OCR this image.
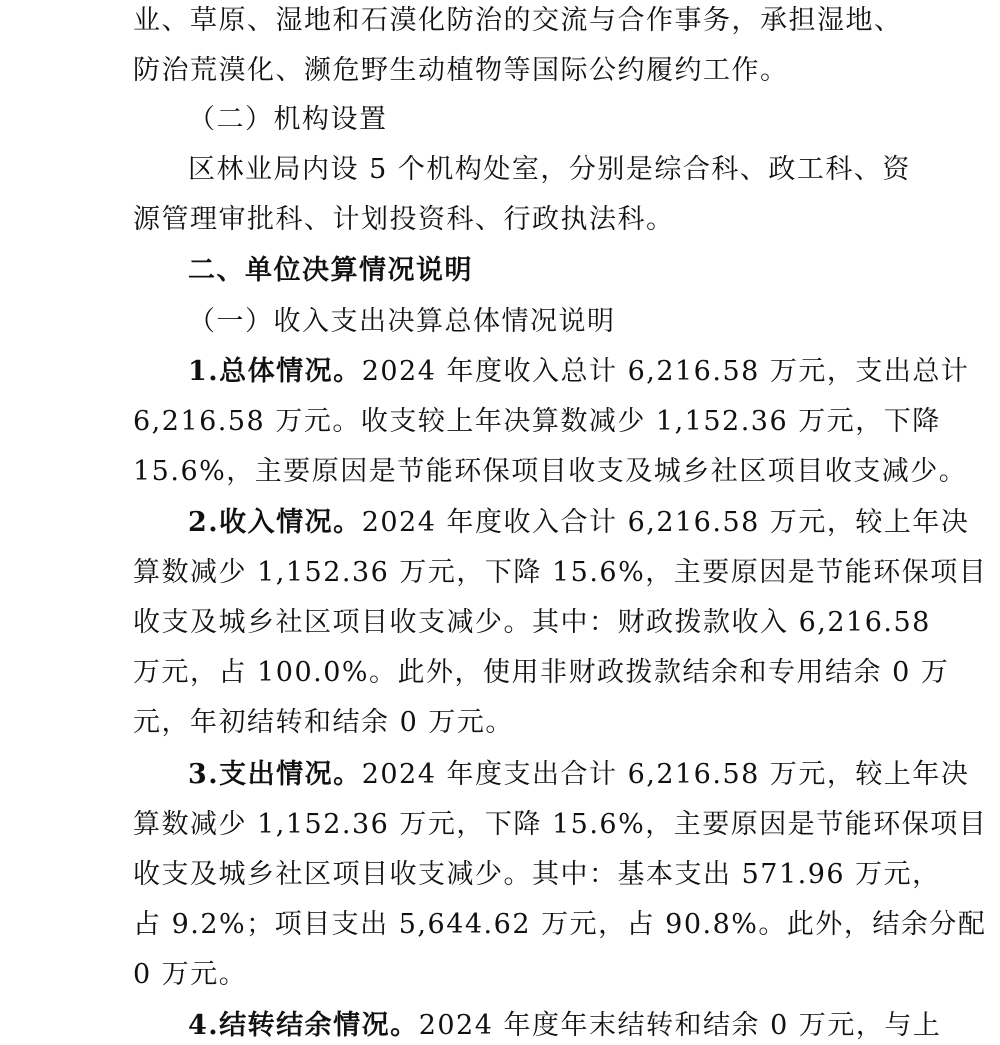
业、草原、湿地和石漠化防治的交流与合作事务，承担湿地、
防治荒漠化、濒危野生动植物等国际公约履约工作。
（二）机构设置
区林业局内设 5 个机构处室，分别是综合科、政工科、资
源管理审批科、计划投资科、行政执法科。
二、单位决算情况说明
（一）收入支出决算总体情况说明
1.总体情况。2024 年度收入总计 6,216.58 万元，支出总计
6,216.58 万元。收支较上年决算数减少 1,152.36 万元，下降
15.6%，主要原因是节能环保项目收支及城乡社区项目收支减少。
2.收入情况。2024 年度收入合计 6,216.58 万元，较上年决
算数减少 1,152.36 万元，下降 15.6%，主要原因是节能环保项目
收支及城乡社区项目收支减少。其中：财政拨款收入 6,216.58
万元，占 100.0%。此外，使用非财政拨款结余和专用结余 0 万
元，年初结转和结余 0 万元。
3.支出情况。2024 年度支出合计 6,216.58 万元，较上年决
算数减少 1,152.36 万元，下降 15.6%，主要原因是节能环保项目
收支及城乡社区项目收支减少。其中：基本支出 571.96 万元，
占 9.2%；项目支出 5,644.62 万元，占 90.8%。此外，结余分配
0 万元。
4.结转结余情况。2024 年度年末结转和结余 0 万元，与上
